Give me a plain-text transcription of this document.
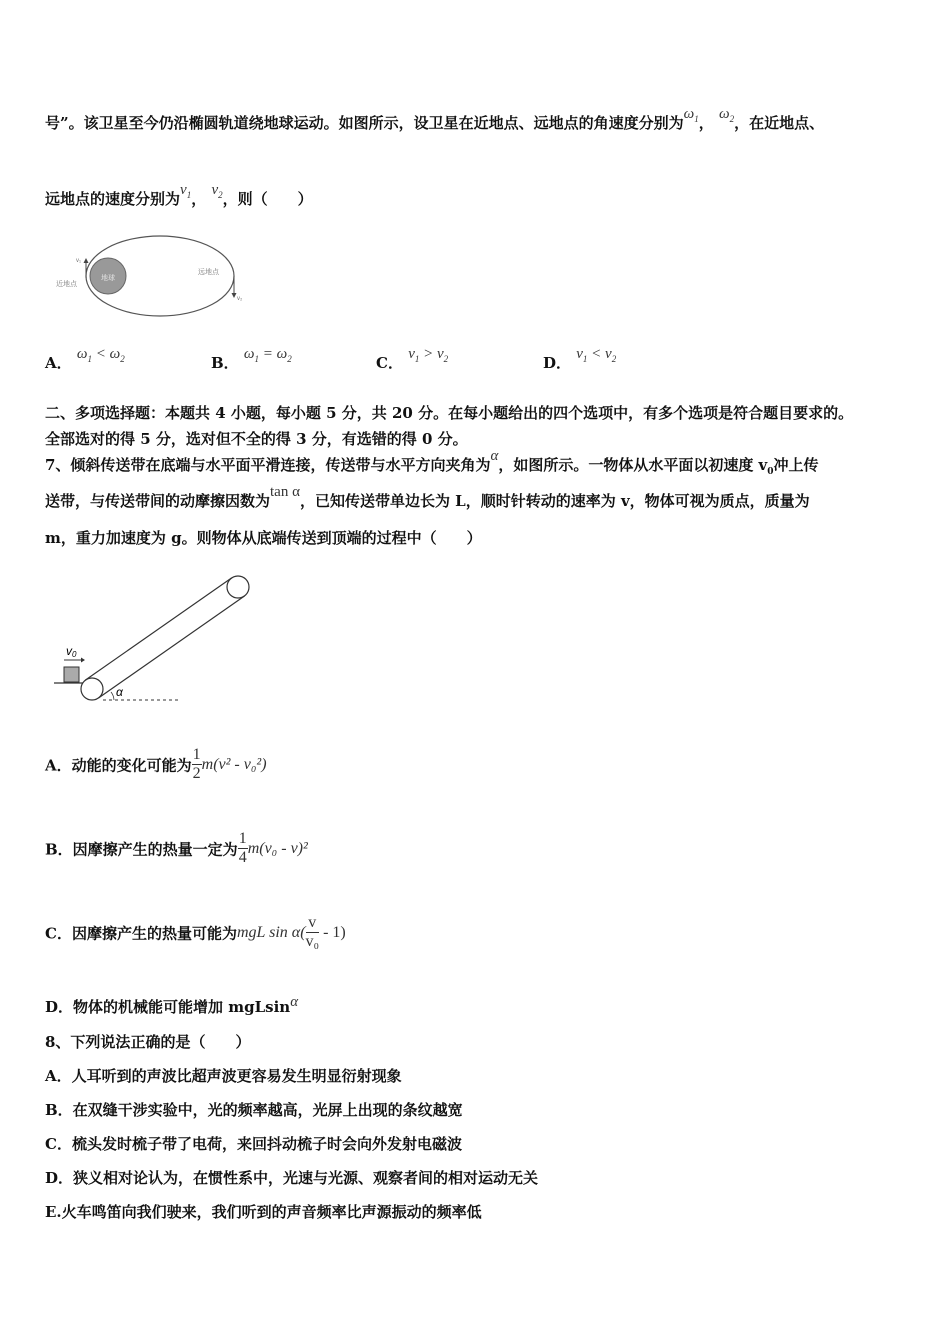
号”。该卫星至今仍沿椭圆轨道绕地球运动。如图所示，设卫星在近地点、远地点的角速度分别为$\omega_1$， $\omega_2$，在近地点、
远地点的速度分别为$v_1$， $v_2$，则（　　）
地球
近地点
远地点
v₁
v₂
A． $\omega_1 < \omega_2$	B． $\omega_1 = \omega_2$	C． $v_1 > v_2$	D． $v_1 < v_2$
二、多项选择题：本题共 4 小题，每小题 5 分，共 20 分。在每小题给出的四个选项中，有多个选项是符合题目要求的。
全部选对的得 5 分，选对但不全的得 3 分，有选错的得 0 分。
7、倾斜传送带在底端与水平面平滑连接，传送带与水平方向夹角为α，如图所示。一物体从水平面以初速度 $v_0$冲上传
送带，与传送带间的动摩擦因数为tan α，已知传送带单边长为 L，顺时针转动的速率为 v，物体可视为质点，质量为
m，重力加速度为 g。则物体从底端传送到顶端的过程中（　　）
v0
α
A．动能的变化可能为 $\frac{1}{2} m(v^2 - v_0^2)$
B．因摩擦产生的热量一定为 $\frac{1}{4} m(v_0 - v)^2$
C．因摩擦产生的热量可能为mgL $\sin \alpha( \frac{v}{\text{v₀}} - 1)$
D．物体的机械能可能增加 mgLsinα
8、下列说法正确的是（　　）
A．人耳听到的声波比超声波更容易发生明显衍射现象
B．在双缝干涉实验中，光的频率越高，光屏上出现的条纹越宽
C．梳头发时梳子带了电荷，来回抖动梳子时会向外发射电磁波
D．狭义相对论认为，在惯性系中，光速与光源、观察者间的相对运动无关
E.火车鸣笛向我们驶来，我们听到的声音频率比声源振动的频率低
